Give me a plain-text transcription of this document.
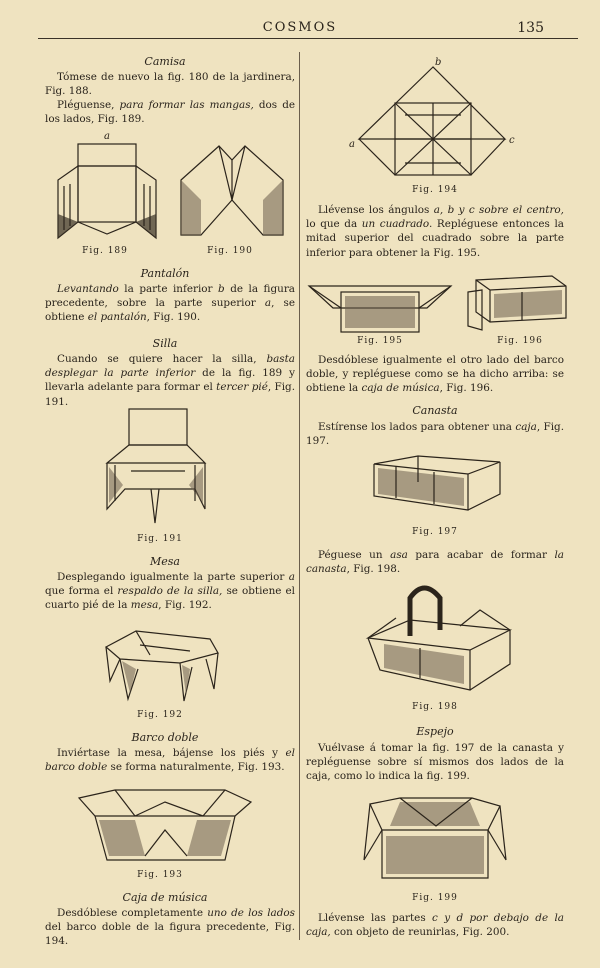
COSMOS	135
Camisa
Tómese de nuevo la fig. 180 de la jardinera, Fig. 188.
Pléguense, para formar las mangas, dos de los lados, Fig. 189.
a
Fig. 189	Fig. 190
Pantalón
Levantando la parte inferior b de la figura precedente, sobre la parte superior a, se obtiene el pantalón, Fig. 190.
Silla
Cuando se quiere hacer la silla, basta desplegar la parte inferior de la fig. 189 y llevarla adelante para formar el tercer pié, Fig. 191.
Fig. 191
Mesa
Desplegando igualmente la parte superior a que forma el respaldo de la silla, se obtiene el cuarto pié de la mesa, Fig. 192.
Fig. 192
Barco doble
Inviértase la mesa, bájense los piés y el barco doble se forma naturalmente, Fig. 193.
Fig. 193
Caja de música
Desdóblese completamente uno de los lados del barco doble de la figura precedente, Fig. 194.
b
c
a
Fig. 194
Llévense los ángulos a, b y c sobre el centro, lo que da un cuadrado. Repléguese entonces la mitad superior del cuadrado sobre la parte inferior para obtener la Fig. 195.
Fig. 195	Fig. 196
Desdóblese igualmente el otro lado del barco doble, y repléguese como se ha dicho arriba: se obtiene la caja de música, Fig. 196.
Canasta
Estírense los lados para obtener una caja, Fig. 197.
Fig. 197
Péguese un asa para acabar de formar la canasta, Fig. 198.
Fig. 198
Espejo
Vuélvase á tomar la fig. 197 de la canasta y repléguense sobre sí mismos dos lados de la caja, como lo indica la fig. 199.
Fig. 199
Llévense las partes c y d por debajo de la caja, con objeto de reunirlas, Fig. 200.
